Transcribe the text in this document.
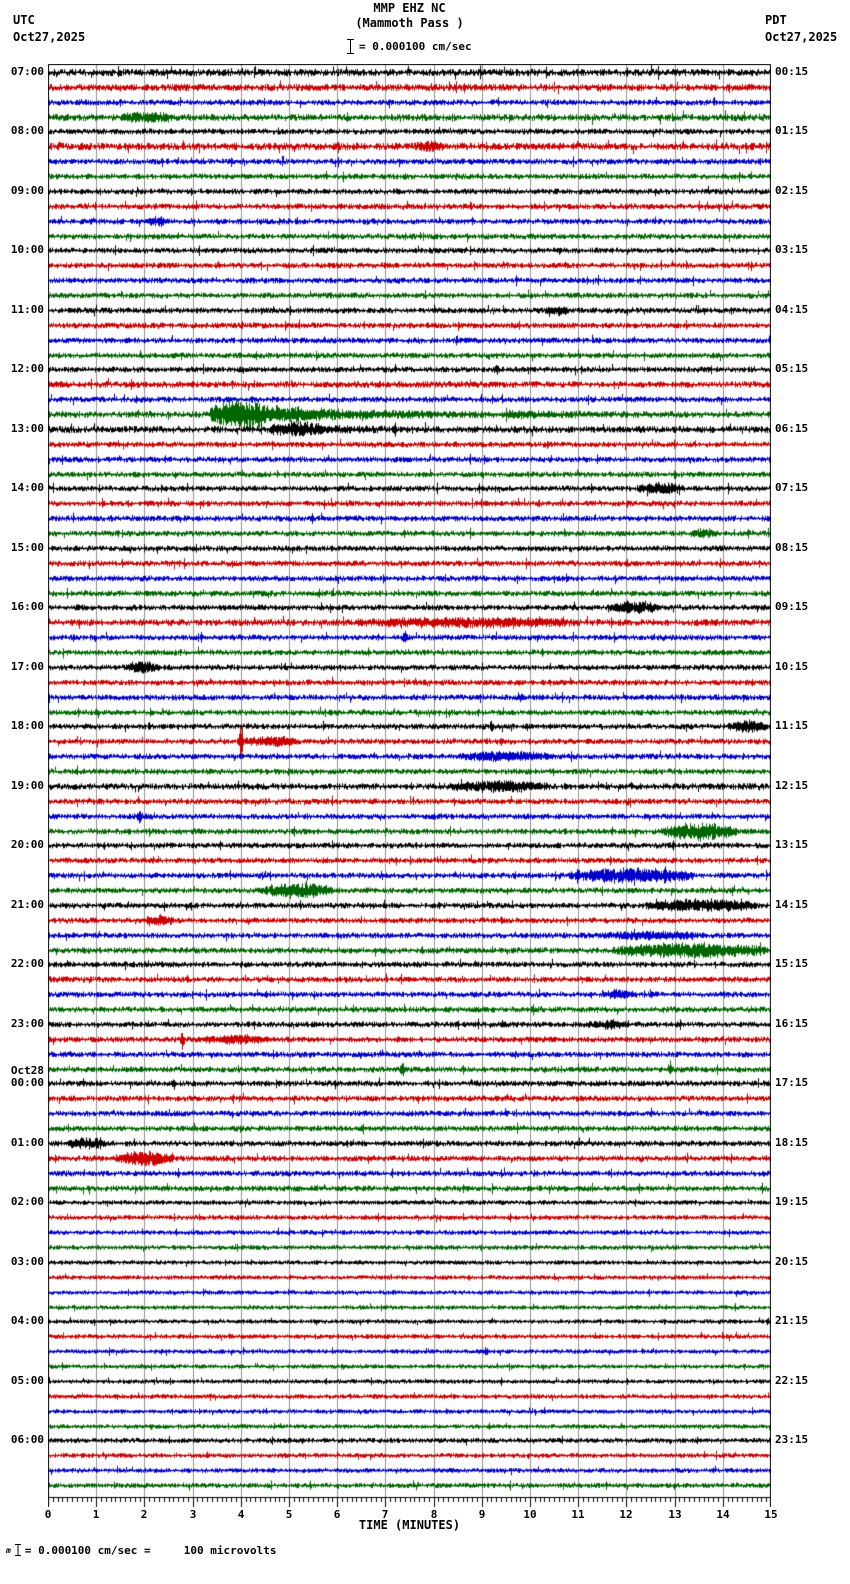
MMP EHZ NC
(Mammoth Pass )
UTC
Oct27,2025
PDT
Oct27,2025
= 0.000100 cm/sec
07:00
08:00
09:00
10:00
11:00
12:00
13:00
14:00
15:00
16:00
17:00
18:00
19:00
20:00
21:00
22:00
23:00
Oct28
00:00
01:00
02:00
03:00
04:00
05:00
06:00
00:15
01:15
02:15
03:15
04:15
05:15
06:15
07:15
08:15
09:15
10:15
11:15
12:15
13:15
14:15
15:15
16:15
17:15
18:15
19:15
20:15
21:15
22:15
23:15
0	1	2	3	4	5	6	7	8	9	10	11	12	13	14	15
TIME (MINUTES)
m = 0.000100 cm/sec =     100 microvolts
